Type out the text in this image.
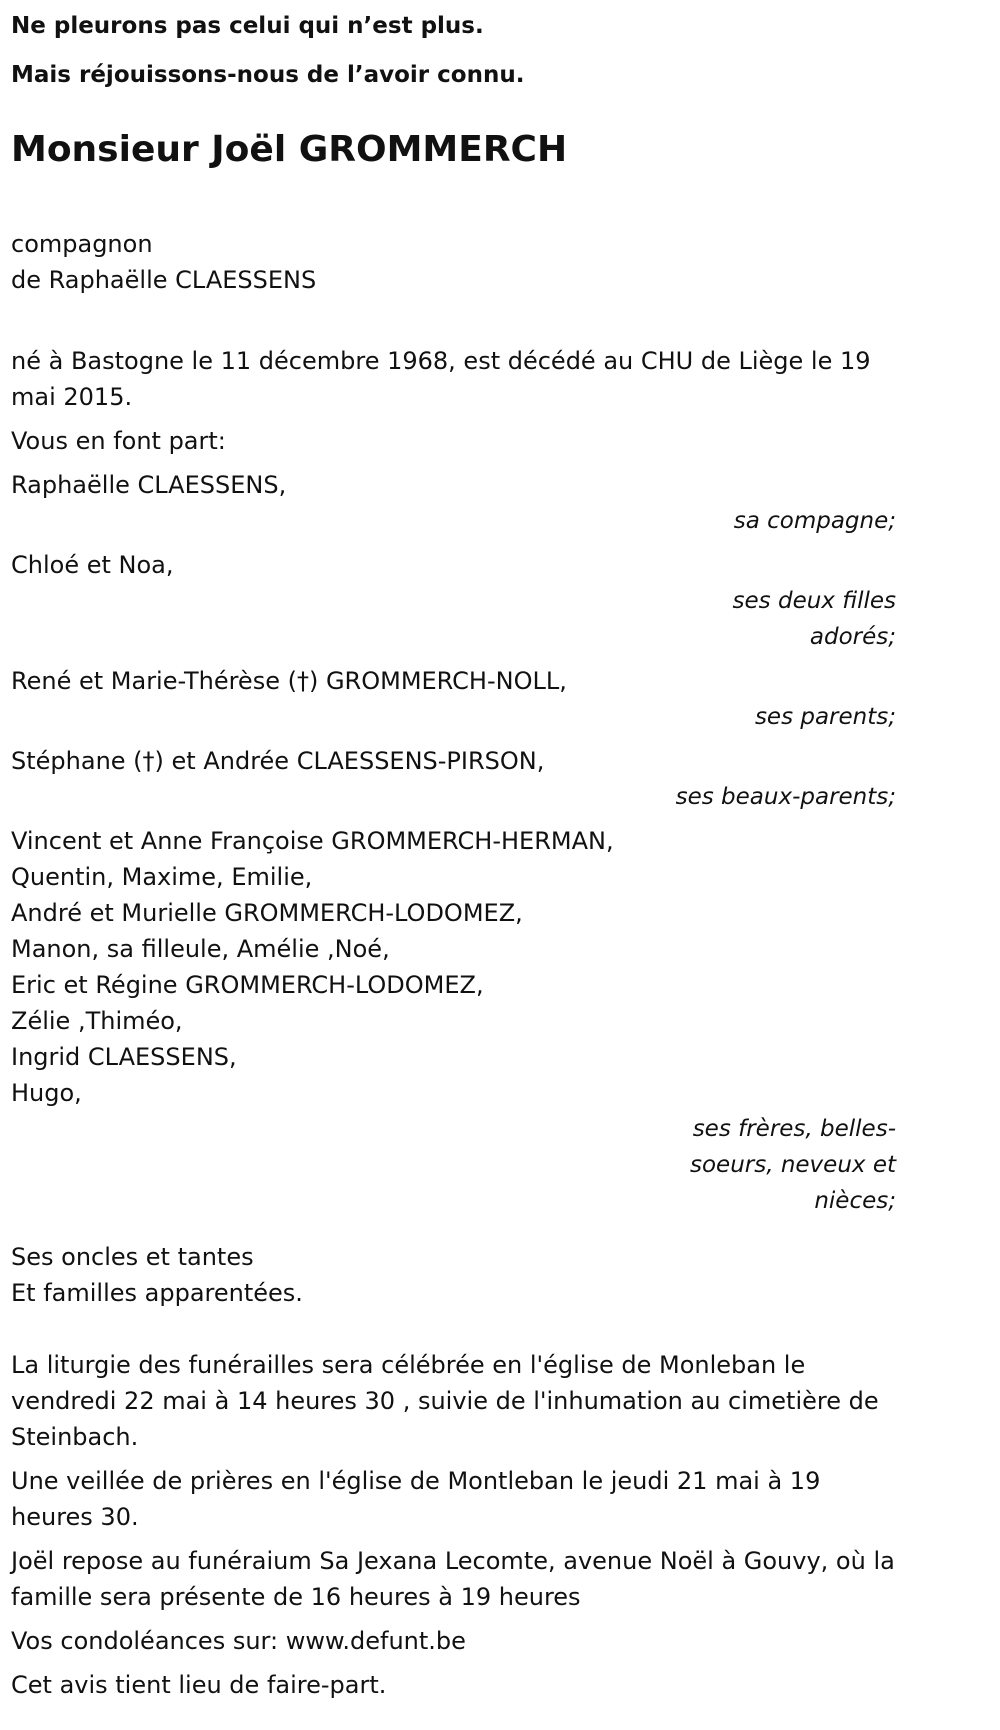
Ne pleurons pas celui qui n’est plus.
Mais réjouissons-nous de l’avoir connu.
Monsieur Joël GROMMERCH
compagnon
de Raphaëlle CLAESSENS
né à Bastogne le 11 décembre 1968, est décédé au CHU de Liège le 19 mai 2015.
Vous en font part:
Raphaëlle CLAESSENS,
sa compagne;
Chloé et Noa,
ses deux filles adorés;
René et Marie-Thérèse (†) GROMMERCH-NOLL,
ses parents;
Stéphane (†) et Andrée CLAESSENS-PIRSON,
ses beaux-parents;
Vincent et Anne Françoise GROMMERCH-HERMAN,
Quentin, Maxime, Emilie,
André et Murielle GROMMERCH-LODOMEZ,
Manon, sa filleule, Amélie ,Noé,
Eric et Régine GROMMERCH-LODOMEZ,
Zélie ,Thiméo,
Ingrid CLAESSENS,
Hugo,
ses frères, belles-soeurs, neveux et nièces;
Ses oncles et tantes
Et familles apparentées.
La liturgie des funérailles sera célébrée en l'église de Monleban le vendredi 22 mai à 14 heures 30 , suivie de l'inhumation au cimetière de Steinbach.
Une veillée de prières en l'église de Montleban le jeudi 21 mai à 19 heures 30.
Joël repose au funéraium Sa Jexana Lecomte, avenue Noël à Gouvy, où la famille sera présente de 16 heures à 19 heures
Vos condoléances sur: www.defunt.be
Cet avis tient lieu de faire-part.
